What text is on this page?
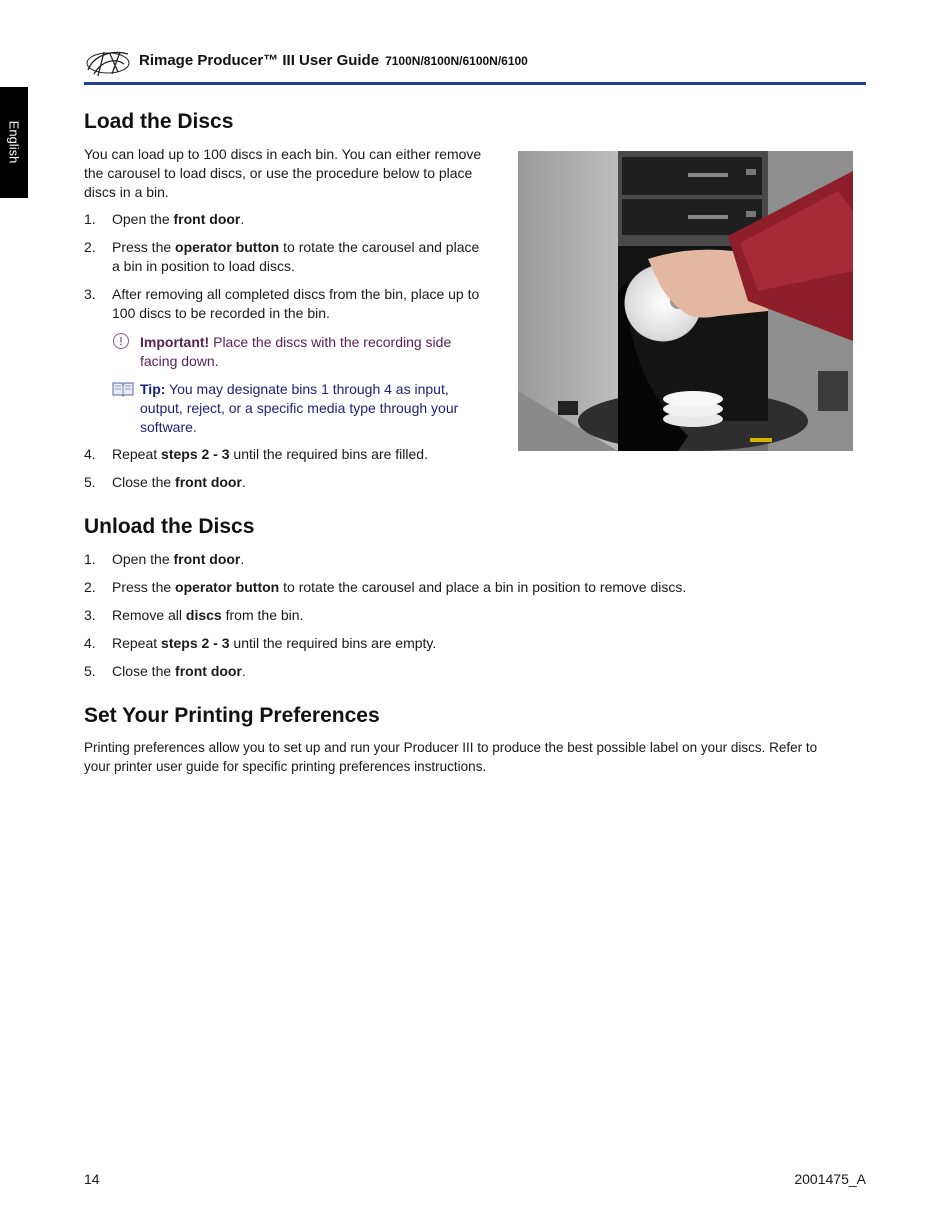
English
Rimage Producer™ III User Guide 7100N/8100N/6100N/6100
Load the Discs

You can load up to 100 discs in each bin. You can either remove
the carousel to load discs, or use the procedure below to place
discs in a bin.

1. Open the front door.
2. Press the operator button to rotate the carousel and place
a bin in position to load discs.
3. After removing all completed discs from the bin, place up to
100 discs to be recorded in the bin.
Important! Place the discs with the recording side
facing down.
Tip: You may designate bins 1 through 4 as input,
output, reject, or a specific media type through your
software.
4. Repeat steps 2 - 3 until the required bins are filled.
5. Close the front door.
Unload the Discs
1. Open the front door.
2. Press the operator button to rotate the carousel and place a bin in position to remove discs.
3. Remove all discs from the bin.
4. Repeat steps 2 - 3 until the required bins are empty.
5. Close the front door.
Set Your Printing Preferences

Printing preferences allow you to set up and run your Producer III to produce the best possible label on your discs. Refer to
your printer user guide for specific printing preferences instructions.

14	2001475_A
